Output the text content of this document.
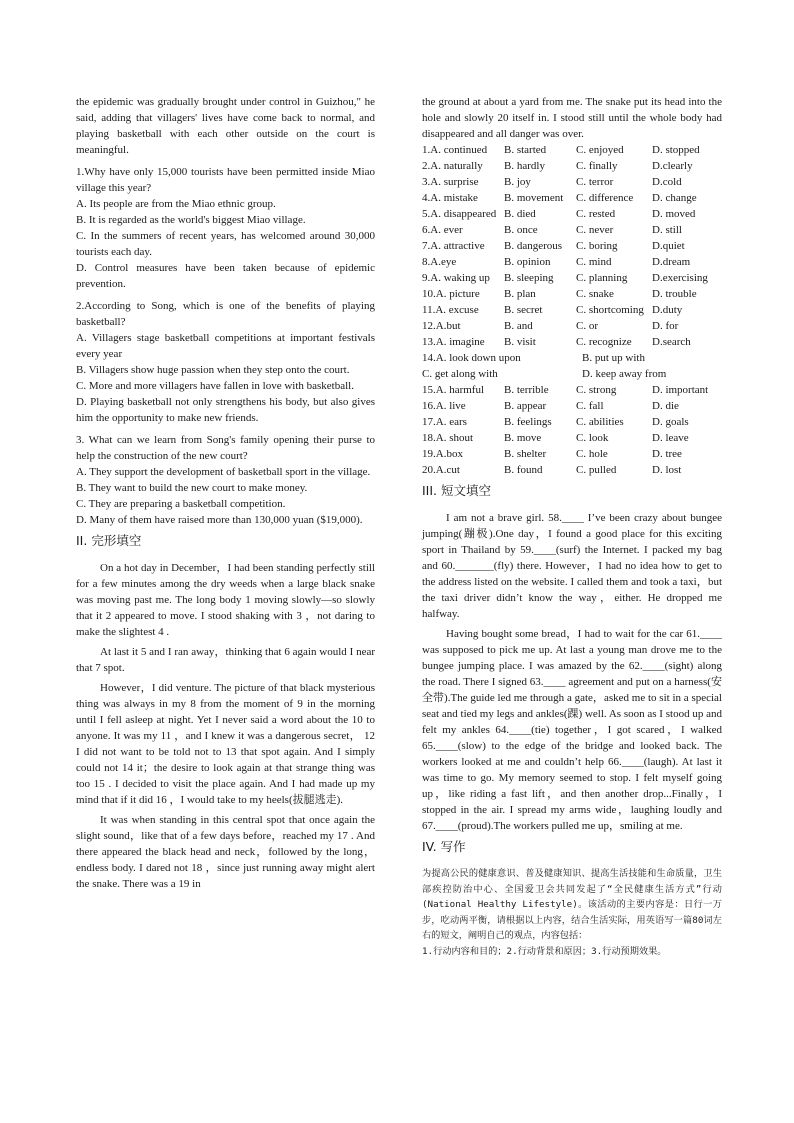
the epidemic was gradually brought under control in Guizhou," he said, adding that villagers' lives have come back to normal, and playing basketball with each other outside on the court is meaningful.

1.Why have only 15,000 tourists have been permitted inside Miao village this year?

A. Its people are from the Miao ethnic group.

B. It is regarded as the world's biggest Miao village.

C. In the summers of recent years, has welcomed around 30,000 tourists each day.

D. Control measures have been taken because of epidemic prevention.

2.According to Song, which is one of the benefits of playing basketball?

A. Villagers stage basketball competitions at important festivals every year

B. Villagers show huge passion when they step onto the court.

C. More and more villagers have fallen in love with basketball.

D. Playing basketball not only strengthens his body, but also gives him the opportunity to make new friends.

3. What can we learn from Song's family opening their purse to help the construction of the new court?

A. They support the development of basketball sport in the village.

B. They want to build the new court to make money.

C. They are preparing a basketball competition.

D. Many of them have raised more than 130,000 yuan ($19,000).

II. 完形填空

On a hot day in December，I had been standing perfectly still for a few minutes among the dry weeds when a large black snake was moving past me. The long body 1 moving slowly—so slowly that it 2 appeared to move. I stood shaking with 3 ，not daring to make the slightest 4 .

At last it 5 and I ran away，thinking that 6 again would I near that 7 spot.

However，I did venture. The picture of that black mysterious thing was always in my 8 from the moment of 9 in the morning until I fell asleep at night. Yet I never said a word about the 10 to anyone. It was my 11 ，and I knew it was a dangerous secret， 12 I did not want to be told not to 13 that spot again. And I simply could not 14 it；the desire to look again at that strange thing was too 15 . I decided to visit the place again. And I had made up my mind that if it did 16 ，I would take to my heels(拔腿逃走).

It was when standing in this central spot that once again the slight sound，like that of a few days before，reached my 17 . And there appeared the black head and neck，followed by the long，endless body. I dared not 18 ，since just running away might alert the snake. There was a 19 in

the ground at about a yard from me. The snake put its head into the hole and slowly 20 itself in. I stood still until the whole body had disappeared and all danger was over.

1.A. continued	B. started	C. enjoyed	D. stopped
2.A. naturally	B. hardly	C. finally	D.clearly
3.A. surprise	B. joy	C. terror	D.cold
4.A. mistake	B. movement	C. difference	D. change
5.A. disappeared B. died	C. rested	D. moved
6.A. ever	B. once	C. never	D. still
7.A. attractive	B. dangerous	C. boring	D.quiet
8.A.eye	B. opinion	C. mind	D.dream
9.A. waking up	B. sleeping	C. planning	D.exercising
10.A. picture	B. plan	C. snake	D. trouble
11.A. excuse	B. secret	C. shortcoming D.duty
12.A.but	B. and	C. or	D. for
13.A. imagine	B. visit	C. recognize	D.search
14.A. look down upon	B. put up with
C. get along with	D. keep away from
15.A. harmful	B. terrible	C. strong	D. important
16.A. live	B. appear	C. fall	D. die
17.A. ears	B. feelings	C. abilities	D. goals
18.A. shout	B. move	C. look	D. leave
19.A.box	B. shelter	C. hole	D. tree
20.A.cut	B. found	C. pulled	D. lost
III. 短文填空

I am not a brave girl. 58.____ I’ve been crazy about bungee jumping(蹦极).One day，I found a good place for this exciting sport in Thailand by 59.____(surf) the Internet. I packed my bag and 60._______(fly) there. However，I had no idea how to get to the address listed on the website. I called them and took a taxi，but the taxi driver didn’t know the way，either. He dropped me halfway.

Having bought some bread，I had to wait for the car 61.____ was supposed to pick me up. At last a young man drove me to the bungee jumping place. I was amazed by the 62.____(sight) along the road. There I signed 63.____ agreement and put on a harness(安全带).The guide led me through a gate，asked me to sit in a special seat and tied my legs and ankles(踝) well. As soon as I stood up and felt my ankles 64.____(tie) together，I got scared，I walked 65.____(slow) to the edge of the bridge and looked back. The workers looked at me and couldn’t help 66.____(laugh). At last it was time to go. My memory seemed to stop. I felt myself going up，like riding a fast lift，and then another drop...Finally，I stopped in the air. I spread my arms wide，laughing loudly and 67.____(proud).The workers pulled me up，smiling at me.

IV. 写作

为提高公民的健康意识、普及健康知识、提高生活技能和生命质量，卫生部疾控防治中心、全国爱卫会共同发起了“全民健康生活方式”行动(National Healthy Lifestyle)。该活动的主要内容是：日行一万步，吃动两平衡，请根据以上内容，结合生活实际，用英语写一篇80词左右的短文，阐明自己的观点，内容包括：

1.行动内容和目的；2.行动背景和原因；3.行动预期效果。
